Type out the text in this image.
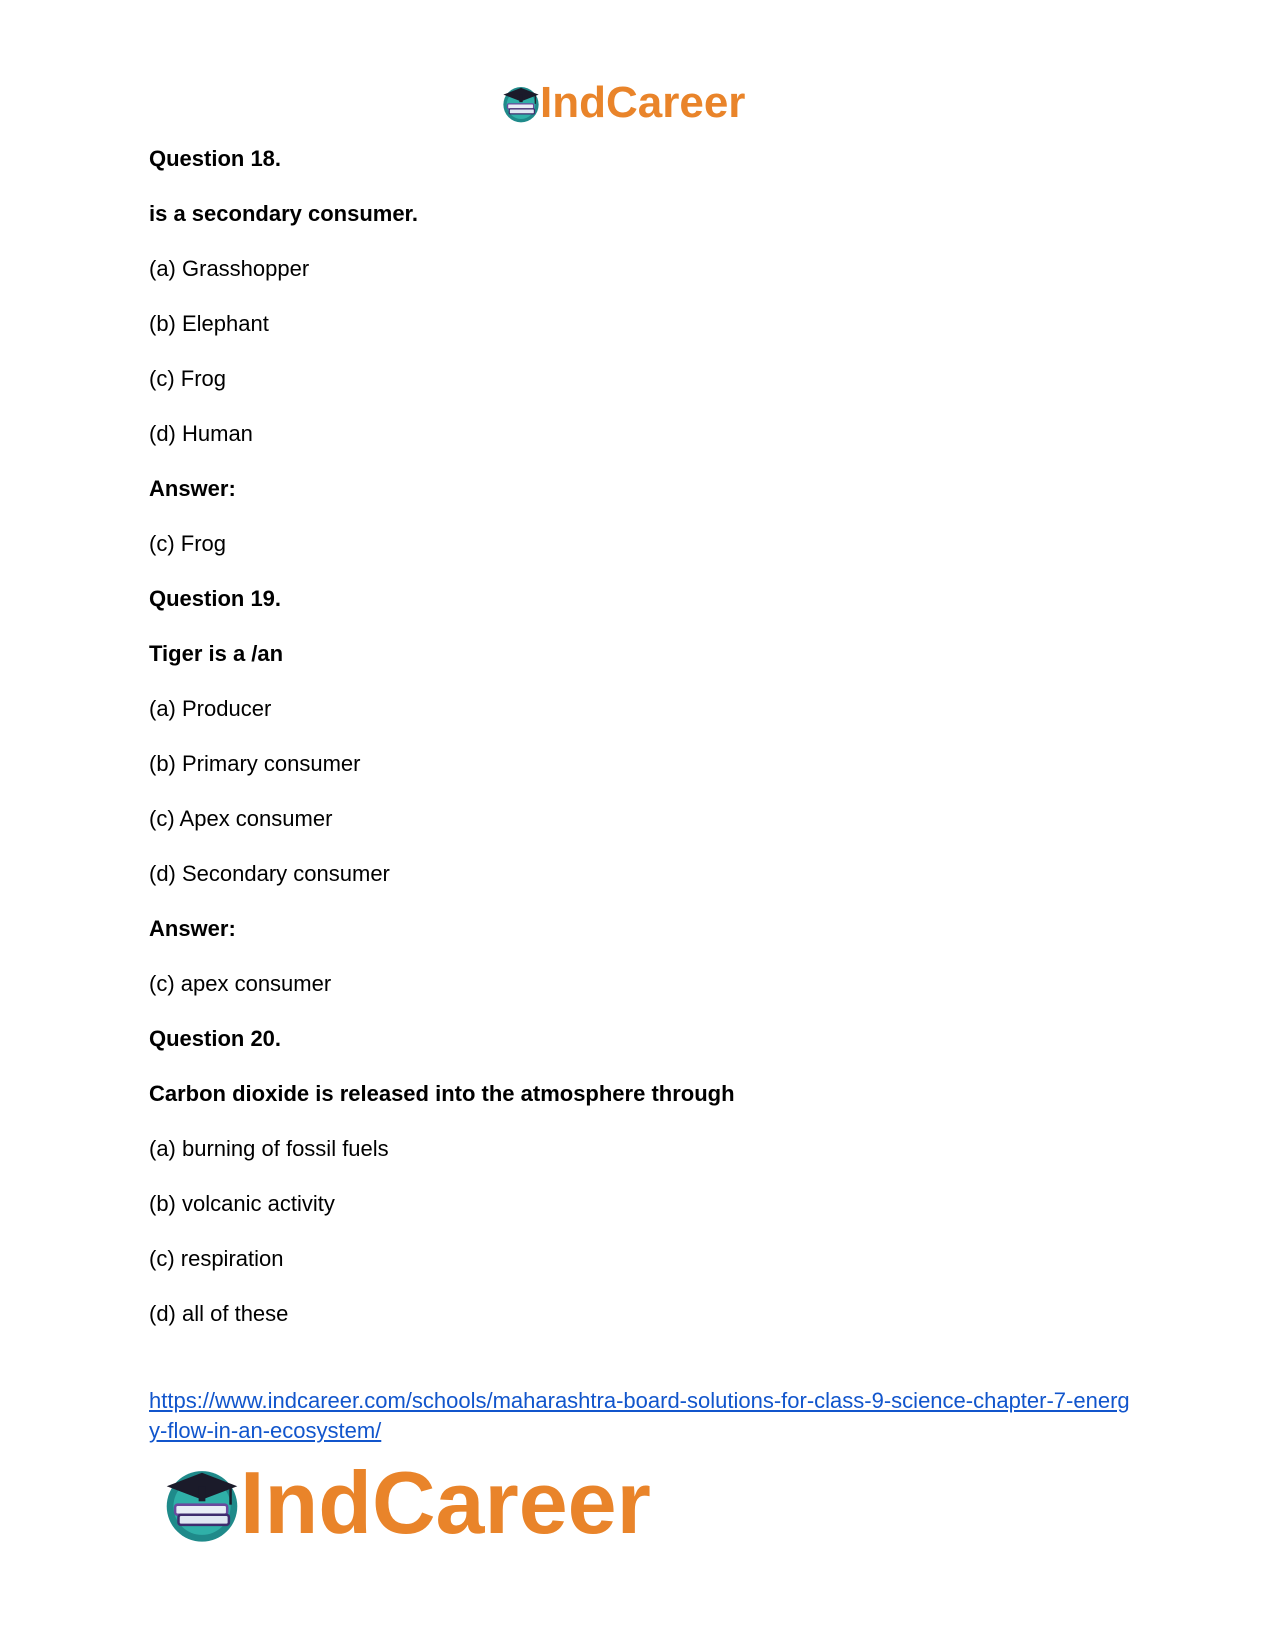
IndCareer
Question 18.
is a secondary consumer.
(a) Grasshopper
(b) Elephant
(c) Frog
(d) Human
Answer:
(c) Frog
Question 19.
Tiger is a /an
(a) Producer
(b) Primary consumer
(c) Apex consumer
(d) Secondary consumer
Answer:
(c) apex consumer
Question 20.
Carbon dioxide is released into the atmosphere through
(a) burning of fossil fuels
(b) volcanic activity
(c) respiration
(d) all of these
https://www.indcareer.com/schools/maharashtra-board-solutions-for-class-9-science-chapter-7-energy-flow-in-an-ecosystem/
IndCareer
